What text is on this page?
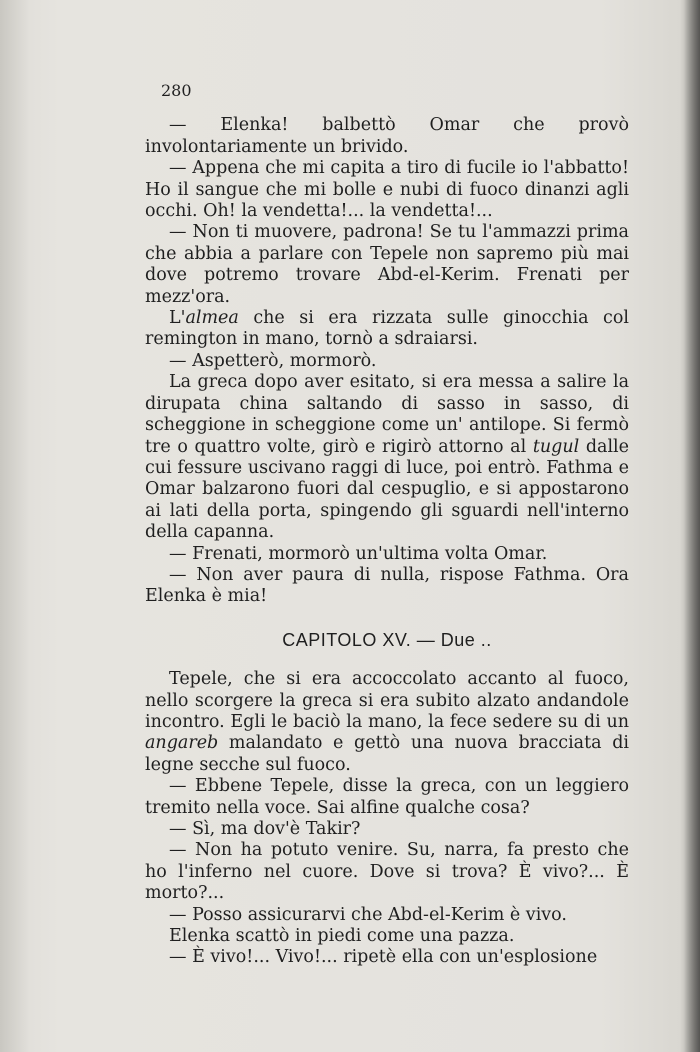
280

— Elenka! balbettò Omar che provò involontariamente un brivido.

— Appena che mi capita a tiro di fucile io l'abbatto! Ho il sangue che mi bolle e nubi di fuoco dinanzi agli occhi. Oh! la vendetta!... la vendetta!...

— Non ti muovere, padrona! Se tu l'ammazzi prima che abbia a parlare con Tepele non sapremo più mai dove potremo trovare Abd-el-Kerim. Frenati per mezz'ora.

L'almea che si era rizzata sulle ginocchia col remington in mano, tornò a sdraiarsi.

— Aspetterò, mormorò.

La greca dopo aver esitato, si era messa a salire la dirupata china saltando di sasso in sasso, di scheggione in scheggione come un' antilope. Si fermò tre o quattro volte, girò e rigirò attorno al tugul dalle cui fessure uscivano raggi di luce, poi entrò. Fathma e Omar balzarono fuori dal cespuglio, e si appostarono ai lati della porta, spingendo gli sguardi nell'interno della capanna.

— Frenati, mormorò un'ultima volta Omar.

— Non aver paura di nulla, rispose Fathma. Ora Elenka è mia!

CAPITOLO XV. — Due ..

Tepele, che si era accoccolato accanto al fuoco, nello scorgere la greca si era subito alzato andandole incontro. Egli le baciò la mano, la fece sedere su di un angareb malandato e gettò una nuova bracciata di legne secche sul fuoco.

— Ebbene Tepele, disse la greca, con un leggiero tremito nella voce. Sai alfine qualche cosa?

— Sì, ma dov'è Takir?

— Non ha potuto venire. Su, narra, fa presto che ho l'inferno nel cuore. Dove si trova? È vivo?... È morto?...

— Posso assicurarvi che Abd-el-Kerim è vivo.

Elenka scattò in piedi come una pazza.

— È vivo!... Vivo!... ripetè ella con un'esplosione
